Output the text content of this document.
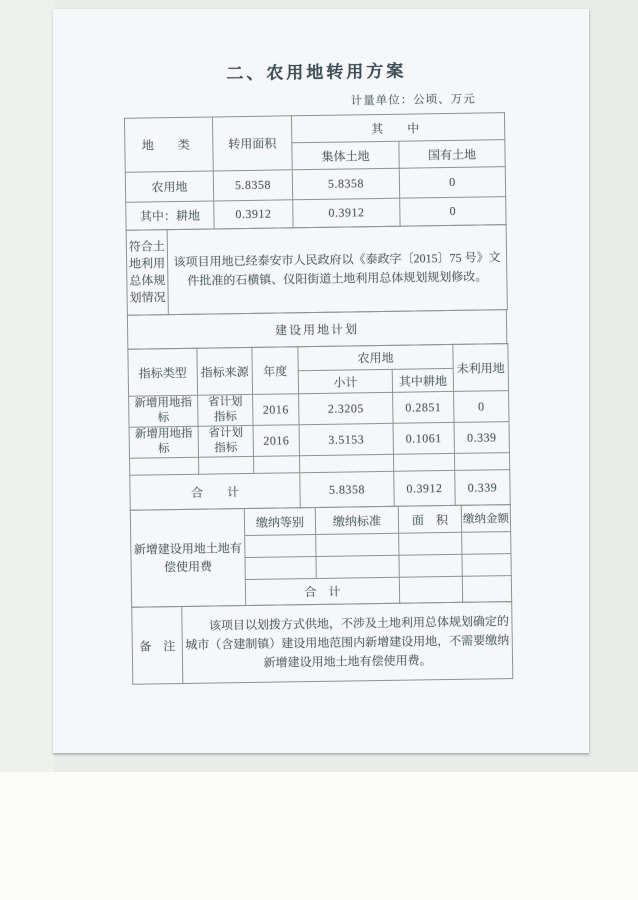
二、农用地转用方案
计量单位：公顷、万元
地　类	转用面积	其　中	
		集体土地	国有土地
农用地	5.8358	5.8358	0
其中：耕地	0.3912	0.3912	0
符合土地利用总体规划情况	该项目用地已经泰安市人民政府以《泰政字〔2015〕75 号》文件批准的石横镇、仪阳街道土地利用总体规划规划修改。
建设用地计划
指标类型	指标来源	年度	农用地		未利用地
			小计	其中耕地	
新增用地指标	省计划指标	2016	2.3205	0.2851	0
新增用地指标	省计划指标	2016	3.5153	0.1061	0.339

合　　计			5.8358	0.3912	0.339
新增建设用地土地有偿使用费	缴纳等别	缴纳标准	面　积	缴纳金额

	合　计			
备　注	该项目以划拨方式供地，不涉及土地利用总体规划确定的城市（含建制镇）建设用地范围内新增建设用地，不需要缴纳新增建设用地土地有偿使用费。
